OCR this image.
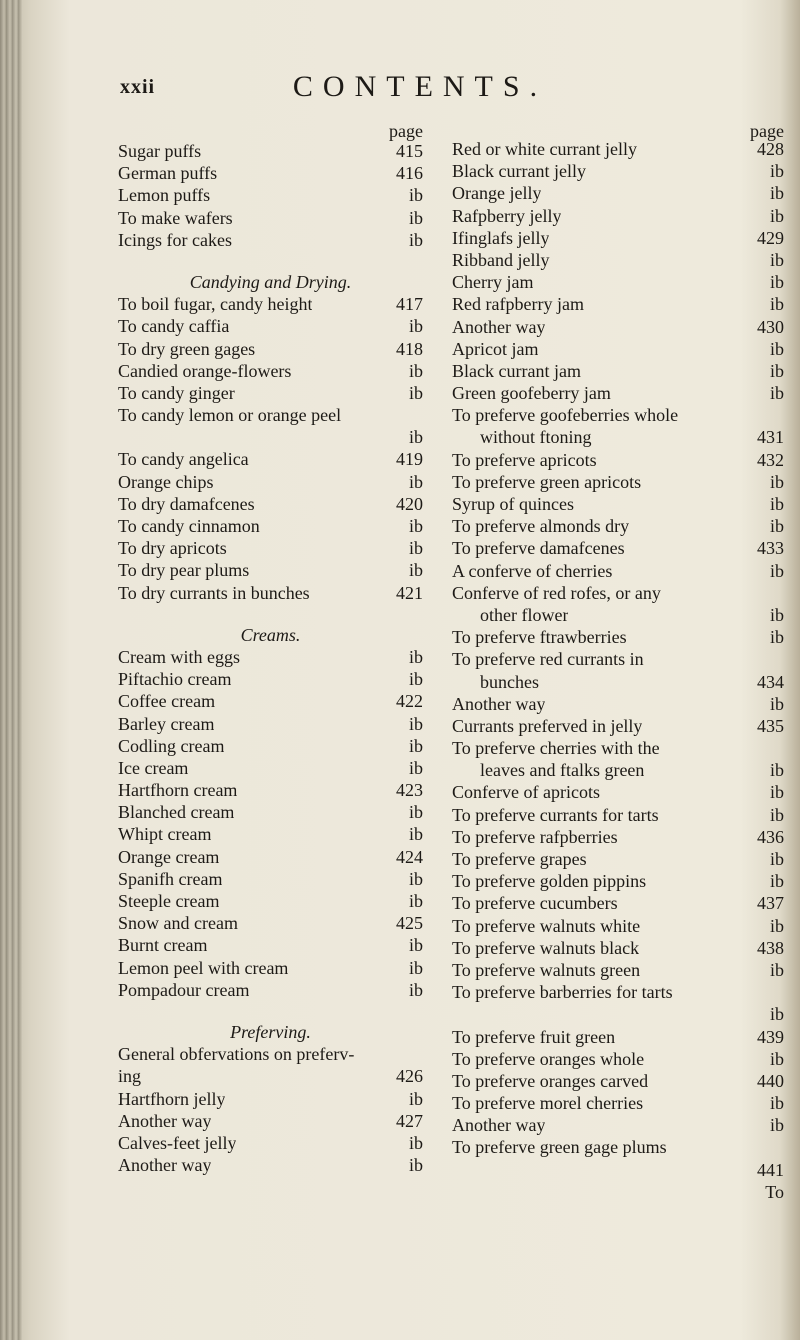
xxii	CONTENTS.
page
Sugar puffs	415
German puffs	416
Lemon puffs	ib
To make wafers	ib
Icings for cakes	ib
Candying and Drying.
To boil fugar, candy height	417
To candy caffia	ib
To dry green gages	418
Candied orange-flowers	ib
To candy ginger	ib
To candy lemon or orange peel
ib
To candy angelica	419
Orange chips	ib
To dry damafcenes	420
To candy cinnamon	ib
To dry apricots	ib
To dry pear plums	ib
To dry currants in bunches	421
Creams.
Cream with eggs	ib
Piftachio cream	ib
Coffee cream	422
Barley cream	ib
Codling cream	ib
Ice cream	ib
Hartfhorn cream	423
Blanched cream	ib
Whipt cream	ib
Orange cream	424
Spanifh cream	ib
Steeple cream	ib
Snow and cream	425
Burnt cream	ib
Lemon peel with cream	ib
Pompadour cream	ib
Preferving.
General obfervations on preferv-
ing	426
Hartfhorn jelly	ib
Another way	427
Calves-feet jelly	ib
Another way	ib
page
Red or white currant jelly	428
Black currant jelly	ib
Orange jelly	ib
Rafpberry jelly	ib
Ifinglafs jelly	429
Ribband jelly	ib
Cherry jam	ib
Red rafpberry jam	ib
Another way	430
Apricot jam	ib
Black currant jam	ib
Green goofeberry jam	ib
To preferve goofeberries whole
without ftoning	431
To preferve apricots	432
To preferve green apricots	ib
Syrup of quinces	ib
To preferve almonds dry	ib
To preferve damafcenes	433
A conferve of cherries	ib
Conferve of red rofes, or any
other flower	ib
To preferve ftrawberries	ib
To preferve red currants in
bunches	434
Another way	ib
Currants preferved in jelly	435
To preferve cherries with the
leaves and ftalks green	ib
Conferve of apricots	ib
To preferve currants for tarts	ib
To preferve rafpberries	436
To preferve grapes	ib
To preferve golden pippins	ib
To preferve cucumbers	437
To preferve walnuts white	ib
To preferve walnuts black	438
To preferve walnuts green	ib
To preferve barberries for tarts
ib
To preferve fruit green	439
To preferve oranges whole	ib
To preferve oranges carved	440
To preferve morel cherries	ib
Another way	ib
To preferve green gage plums
441
To
